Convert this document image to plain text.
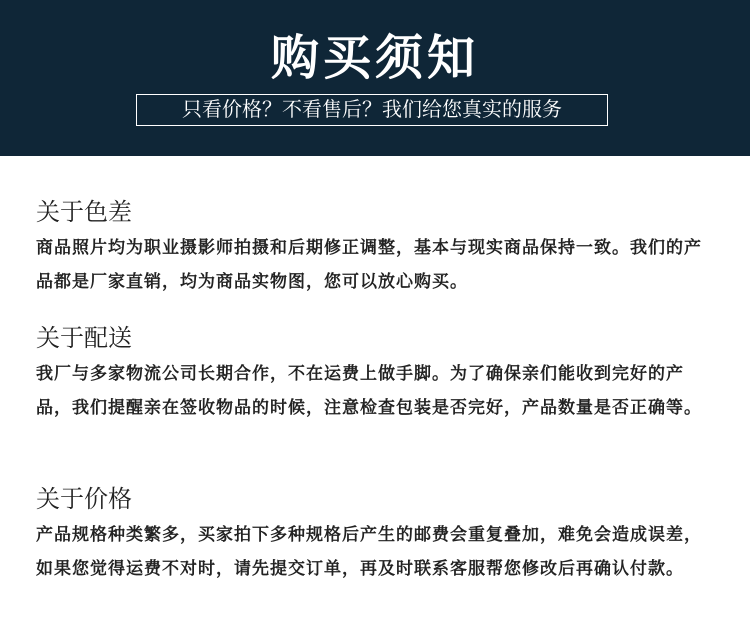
购买须知
只看价格？不看售后？我们给您真实的服务
关于色差
商品照片均为职业摄影师拍摄和后期修正调整，基本与现实商品保持一致。我们的产品都是厂家直销，均为商品实物图，您可以放心购买。
关于配送
我厂与多家物流公司长期合作，不在运费上做手脚。为了确保亲们能收到完好的产品，我们提醒亲在签收物品的时候，注意检查包装是否完好，产品数量是否正确等。
关于价格
产品规格种类繁多，买家拍下多种规格后产生的邮费会重复叠加，难免会造成误差，如果您觉得运费不对时，请先提交订单，再及时联系客服帮您修改后再确认付款。
